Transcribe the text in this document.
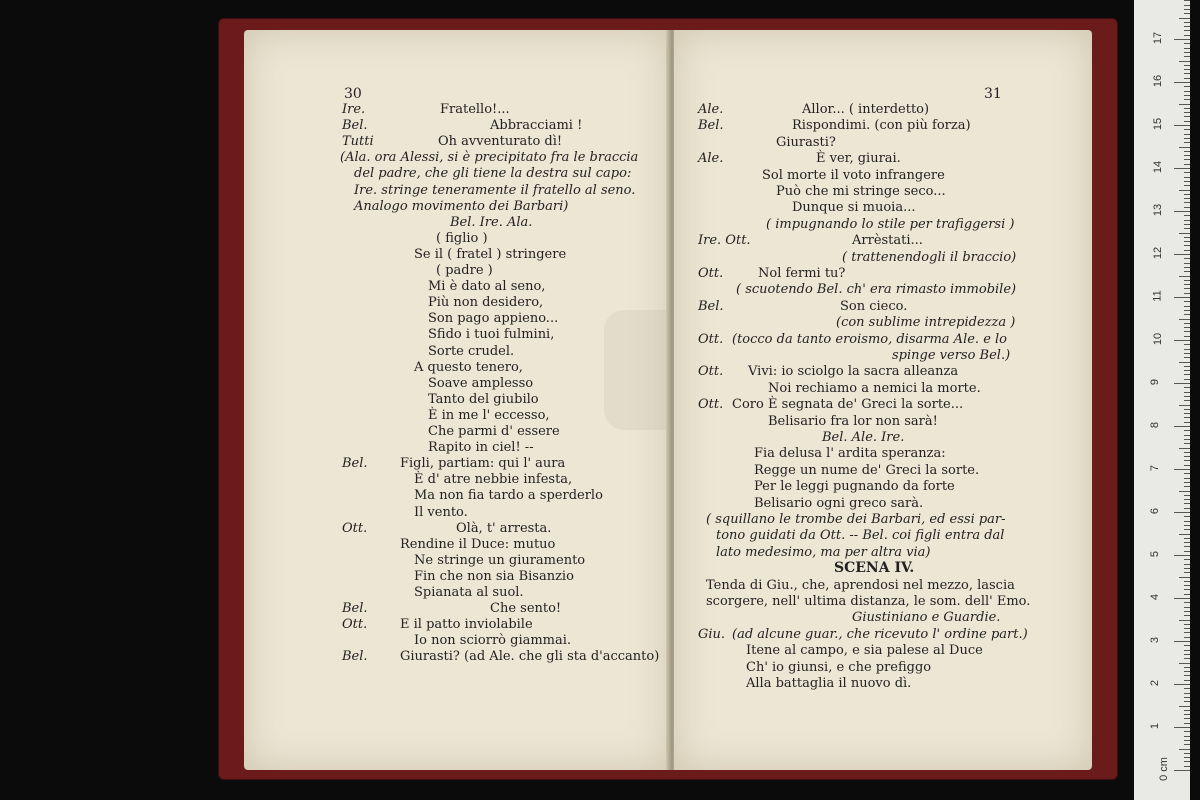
30
Ire.	Fratello!...
Bel.	Abbracciami !
Tutti	Oh avventurato dì!
(Ala. ora Alessi, si è precipitato fra le braccia
del padre, che gli tiene la destra sul capo:
Ire. stringe teneramente il fratello al seno.
Analogo movimento dei Barbari)
Bel. Ire. Ala.
( figlio )
Se il ( fratel ) stringere
( padre )
Mi è dato al seno,
Più non desidero,
Son pago appieno...
Sfido i tuoi fulmini,
Sorte crudel.
A questo tenero,
Soave amplesso
Tanto del giubilo
È in me l' eccesso,
Che parmi d' essere
Rapito in ciel! --
Bel. Figli, partiam: qui l' aura
È d' atre nebbie infesta,
Ma non fia tardo a sperderlo
Il vento.
Ott.	Olà, t' arresta.
Rendine il Duce: mutuo
Ne stringe un giuramento
Fin che non sia Bisanzio
Spianata al suol.
Bel.	Che sento!
Ott.	E il patto inviolabile
Io non sciorrò giammai.
Bel. Giurasti? (ad Ale. che gli sta d'accanto)
31
Ale.	Allor... ( interdetto)
Bel.	Rispondimi. (con più forza)
Giurasti?
Ale.	È ver, giurai.
Sol morte il voto infrangere
Può che mi stringe seco...
Dunque si muoia...
( impugnando lo stile per trafiggersi )
Ire. Ott.	Arrèstati...
( trattenendogli il braccio)
Ott.	Nol fermi tu?
( scuotendo Bel. ch' era rimasto immobile)
Bel.	Son cieco.
(con sublime intrepidezza )
Ott. (tocco da tanto eroismo, disarma Ale. e lo
spinge verso Bel.)
Ott. Vivi: io sciolgo la sacra alleanza
Noi rechiamo a nemici la morte.
Ott. Coro È segnata de' Greci la sorte...
Belisario fra lor non sarà!
Bel. Ale. Ire.
Fia delusa l' ardita speranza:
Regge un nume de' Greci la sorte.
Per le leggi pugnando da forte
Belisario ogni greco sarà.
( squillano le trombe dei Barbari, ed essi par-
tono guidati da Ott. -- Bel. coi figli entra dal
lato medesimo, ma per altra via)
SCENA IV.
Tenda di Giu., che, aprendosi nel mezzo, lascia
scorgere, nell' ultima distanza, le som. dell' Emo.
Giustiniano e Guardie.
Giu. (ad alcune guar., che ricevuto l' ordine part.)
Itene al campo, e sia palese al Duce
Ch' io giunsi, e che prefiggo
Alla battaglia il nuovo dì.
0 cm
1
2
3
4
5
6
7
8
9
10
11
12
13
14
15
16
17
